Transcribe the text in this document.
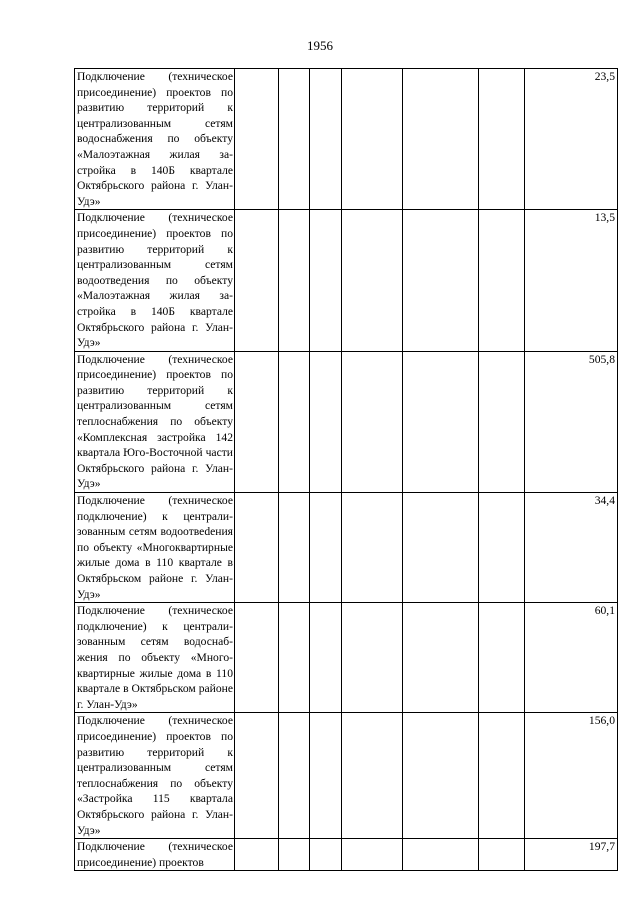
1956
Подключение (техническое присоединение) проектов по развитию территорий к централизованным сетям водоснабжения по объекту «Малоэтажная жилая застройка в 140Б квартале Октябрьского района г. Улан-Удэ»							23,5

Подключение (техническое присоединение) проектов по развитию территорий к централизованным сетям водоотведения по объекту «Малоэтажная жилая застройка в 140Б квартале Октябрьского района г. Улан-Удэ»							13,5

Подключение (техническое присоединение) проектов по развитию территорий к централизованным сетям теплоснабжения по объекту «Комплексная застройка 142 квартала Юго-Восточной части Октябрьского района г. Улан-Удэ»							505,8

Подключение (техническое подключение) к централизованным сетям водоотвеdения по объекту «Многоквартирные жилые дома в 110 квартале в Октябрьском районе г. Улан-Удэ»							34,4

Подключение (техническое подключение) к централизованным сетям водоснабжения по объекту «Многоквартирные жилые дома в 110 квартале в Октябрьском районе г. Улан-Удэ»							60,1

Подключение (техническое присоединение) проектов по развитию территорий к централизованным сетям теплоснабжения по объекту «Застройка 115 квартала Октябрьского района г. Улан-Удэ»							156,0

Подключение (техническое присоединение) проектов							197,7
